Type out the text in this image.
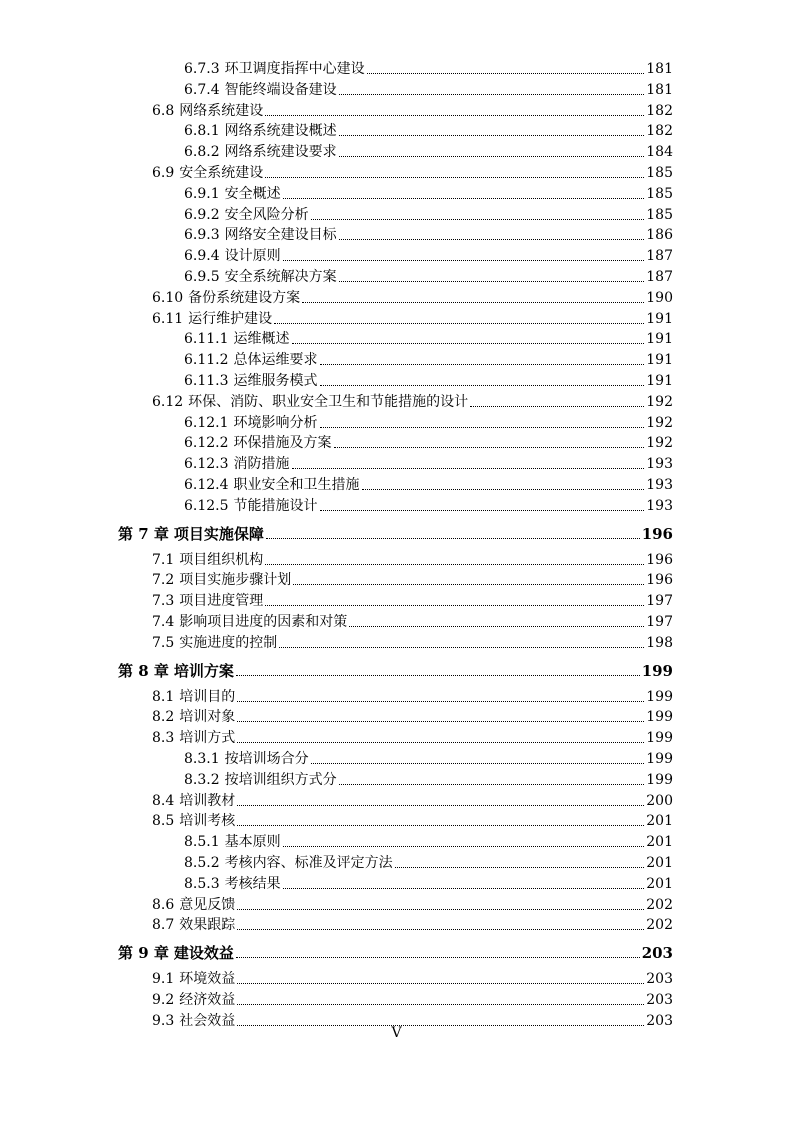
6.7.3 环卫调度指挥中心建设	181
6.7.4 智能终端设备建设	181
6.8 网络系统建设	182
6.8.1 网络系统建设概述	182
6.8.2 网络系统建设要求	184
6.9 安全系统建设	185
6.9.1 安全概述	185
6.9.2 安全风险分析	185
6.9.3 网络安全建设目标	186
6.9.4 设计原则	187
6.9.5 安全系统解决方案	187
6.10 备份系统建设方案	190
6.11 运行维护建设	191
6.11.1 运维概述	191
6.11.2 总体运维要求	191
6.11.3 运维服务模式	191
6.12 环保、消防、职业安全卫生和节能措施的设计	192
6.12.1 环境影响分析	192
6.12.2 环保措施及方案	192
6.12.3 消防措施	193
6.12.4 职业安全和卫生措施	193
6.12.5 节能措施设计	193
第 7 章 项目实施保障	196
7.1 项目组织机构	196
7.2 项目实施步骤计划	196
7.3 项目进度管理	197
7.4 影响项目进度的因素和对策	197
7.5 实施进度的控制	198
第 8 章 培训方案	199
8.1 培训目的	199
8.2 培训对象	199
8.3 培训方式	199
8.3.1 按培训场合分	199
8.3.2 按培训组织方式分	199
8.4 培训教材	200
8.5 培训考核	201
8.5.1 基本原则	201
8.5.2 考核内容、标准及评定方法	201
8.5.3 考核结果	201
8.6 意见反馈	202
8.7 效果跟踪	202
第 9 章 建设效益	203
9.1 环境效益	203
9.2 经济效益	203
9.3 社会效益	203
V
